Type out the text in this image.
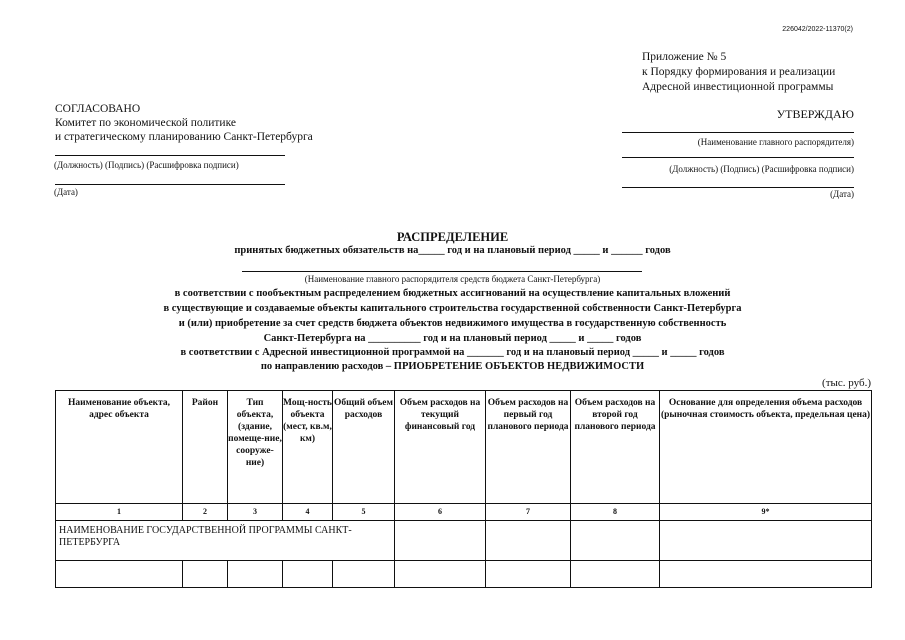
226042/2022-11370(2)
Приложение № 5
к Порядку формирования и реализации
Адресной инвестиционной программы
СОГЛАСОВАНО
Комитет по экономической политике
и стратегическому планированию Санкт-Петербурга
(Должность) (Подпись) (Расшифровка подписи)
(Дата)
УТВЕРЖДАЮ
(Наименование главного распорядителя)
(Должность) (Подпись) (Расшифровка подписи)
(Дата)
РАСПРЕДЕЛЕНИЕ
принятых бюджетных обязательств на_____ год и на плановый период _____ и ______ годов
(Наименование главного распорядителя средств бюджета Санкт-Петербурга)
в соответствии с пообъектным распределением бюджетных ассигнований на осуществление капитальных вложений
в существующие и создаваемые объекты капитального строительства государственной собственности Санкт-Петербурга
и (или) приобретение за счет средств бюджета объектов недвижимого имущества в государственную собственность
Санкт-Петербурга на __________ год и на плановый период _____ и _____ годов
в соответствии с Адресной инвестиционной программой на _______ год и на плановый период _____ и _____ годов
по направлению расходов – ПРИОБРЕТЕНИЕ ОБЪЕКТОВ НЕДВИЖИМОСТИ
(тыс. руб.)
Наименование объекта, адрес объекта	Район	Тип объекта, (здание, помеще-ние, сооруже-ние)	Мощ-ность объекта (мест, кв.м, км)	Общий объем расходов	Объем расходов на текущий финансовый год	Объем расходов на первый год планового периода	Объем расходов на второй год планового периода	Основание для определения объема расходов (рыночная стоимость объекта, предельная цена)
1	2	3	4	5	6	7	8	9*
НАИМЕНОВАНИЕ ГОСУДАРСТВЕННОЙ ПРОГРАММЫ САНКТ-ПЕТЕРБУРГА								
